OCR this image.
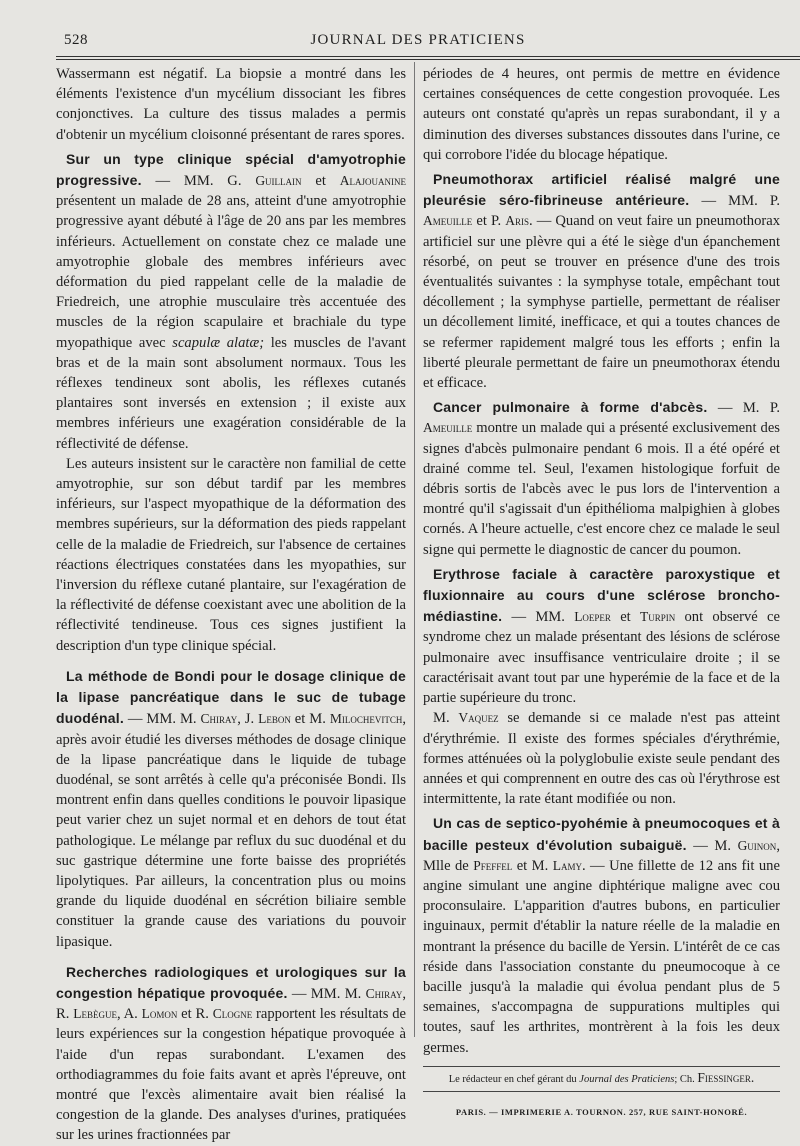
528	JOURNAL DES PRATICIENS

Wassermann est négatif. La biopsie a montré dans les éléments l'existence d'un mycélium dissociant les fibres conjonctives. La culture des tissus malades a permis d'obtenir un mycélium cloisonné présentant de rares spores.

Sur un type clinique spécial d'amyotrophie progressive. — MM. G. Guillain et Alajouanine présentent un malade de 28 ans, atteint d'une amyotrophie progressive ayant débuté à l'âge de 20 ans par les membres inférieurs. Actuellement on constate chez ce malade une amyotrophie globale des membres inférieurs avec déformation du pied rappelant celle de la maladie de Friedreich, une atrophie musculaire très accentuée des muscles de la région scapulaire et brachiale du type myopathique avec scapulæ alatæ; les muscles de l'avant bras et de la main sont absolument normaux. Tous les réflexes tendineux sont abolis, les réflexes cutanés plantaires sont inversés en extension ; il existe aux membres inférieurs une exagération considérable de la réflectivité de défense.

Les auteurs insistent sur le caractère non familial de cette amyotrophie, sur son début tardif par les membres inférieurs, sur l'aspect myopathique de la déformation des membres supérieurs, sur la déformation des pieds rappelant celle de la maladie de Friedreich, sur l'absence de certaines réactions électriques constatées dans les myopathies, sur l'inversion du réflexe cutané plantaire, sur l'exagération de la réflectivité de défense coexistant avec une abolition de la réflectivité tendineuse. Tous ces signes justifient la description d'un type clinique spécial.

La méthode de Bondi pour le dosage clinique de la lipase pancréatique dans le suc de tubage duodénal. — MM. M. Chiray, J. Lebon et M. Milochevitch, après avoir étudié les diverses méthodes de dosage clinique de la lipase pancréatique dans le liquide de tubage duodénal, se sont arrêtés à celle qu'a préconisée Bondi. Ils montrent enfin dans quelles conditions le pouvoir lipasique peut varier chez un sujet normal et en dehors de tout état pathologique. Le mélange par reflux du suc duodénal et du suc gastrique détermine une forte baisse des propriétés lipolytiques. Par ailleurs, la concentration plus ou moins grande du liquide duodénal en sécrétion biliaire semble constituer la grande cause des variations du pouvoir lipasique.

Recherches radiologiques et urologiques sur la congestion hépatique provoquée. — MM. M. Chiray, R. Lebègue, A. Lomon et R. Clogne rapportent les résultats de leurs expériences sur la congestion hépatique provoquée à l'aide d'un repas surabondant. L'examen des orthodiagrammes du foie faits avant et après l'épreuve, ont montré que l'excès alimentaire avait bien réalisé la congestion de la glande. Des analyses d'urines, pratiquées sur les urines fractionnées par

périodes de 4 heures, ont permis de mettre en évidence certaines conséquences de cette congestion provoquée. Les auteurs ont constaté qu'après un repas surabondant, il y a diminution des diverses substances dissoutes dans l'urine, ce qui corrobore l'idée du blocage hépatique.

Pneumothorax artificiel réalisé malgré une pleurésie séro-fibrineuse antérieure. — MM. P. Ameuille et P. Aris. — Quand on veut faire un pneumothorax artificiel sur une plèvre qui a été le siège d'un épanchement résorbé, on peut se trouver en présence d'une des trois éventualités suivantes : la symphyse totale, empêchant tout décollement ; la symphyse partielle, permettant de réaliser un décollement limité, inefficace, et qui a toutes chances de se refermer rapidement malgré tous les efforts ; enfin la liberté pleurale permettant de faire un pneumothorax étendu et efficace.

Cancer pulmonaire à forme d'abcès. — M. P. Ameuille montre un malade qui a présenté exclusivement des signes d'abcès pulmonaire pendant 6 mois. Il a été opéré et drainé comme tel. Seul, l'examen histologique forfuit de débris sortis de l'abcès avec le pus lors de l'intervention a montré qu'il s'agissait d'un épithélioma malpighien à globes cornés. A l'heure actuelle, c'est encore chez ce malade le seul signe qui permette le diagnostic de cancer du poumon.

Erythrose faciale à caractère paroxystique et fluxionnaire au cours d'une sclérose broncho-médiastine. — MM. Loeper et Turpin ont observé ce syndrome chez un malade présentant des lésions de sclérose pulmonaire avec insuffisance ventriculaire droite ; il se caractérisait avant tout par une hyperémie de la face et de la partie supérieure du tronc.

M. Vaquez se demande si ce malade n'est pas atteint d'érythrémie. Il existe des formes spéciales d'érythrémie, formes atténuées où la polyglobulie existe seule pendant des années et qui comprennent en outre des cas où l'érythrose est intermittente, la rate étant modifiée ou non.

Un cas de septico-pyohémie à pneumocoques et à bacille pesteux d'évolution subaiguë. — M. Guinon, Mlle de Pfeffel et M. Lamy. — Une fillette de 12 ans fit une angine simulant une angine diphtérique maligne avec cou proconsulaire. L'apparition d'autres bubons, en particulier inguinaux, permit d'établir la nature réelle de la maladie en montrant la présence du bacille de Yersin. L'intérêt de ce cas réside dans l'association constante du pneumocoque à ce bacille jusqu'à la maladie qui évolua pendant plus de 5 semaines, s'accompagna de suppurations multiples qui toutes, sauf les arthrites, montrèrent à la fois les deux germes.

Le rédacteur en chef gérant du Journal des Praticiens; Ch. Fiessinger.
PARIS. — IMPRIMERIE A. TOURNON. 257, RUE SAINT-HONORÉ.
